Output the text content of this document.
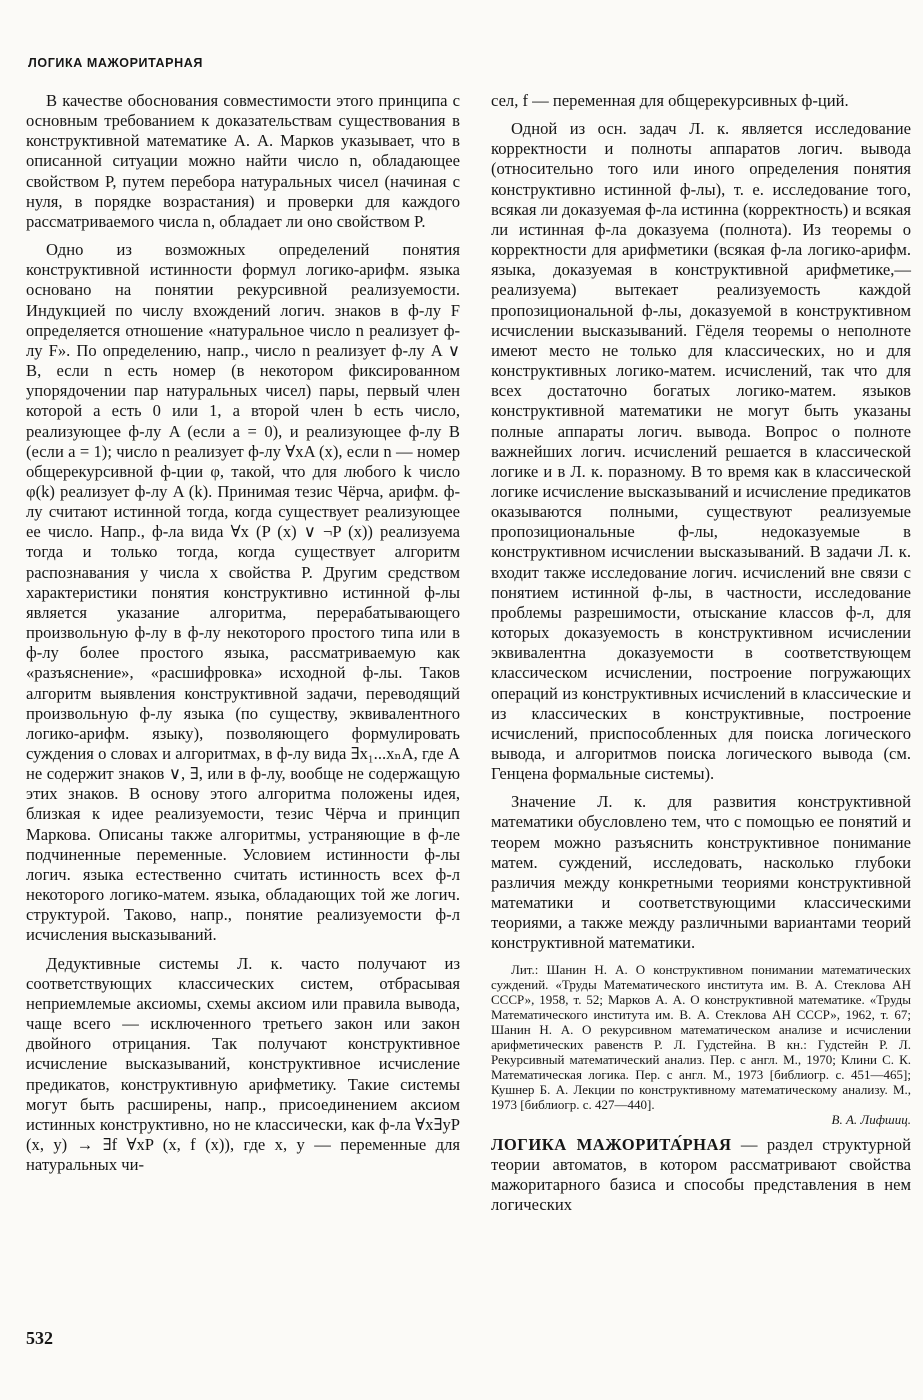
ЛОГИКА МАЖОРИТАРНАЯ

В качестве обоснования совместимости этого принципа с основным требованием к доказательствам существования в конструктивной математике А. А. Марков указывает, что в описанной ситуации можно найти число n, обладающее свойством P, путем перебора натуральных чисел (начиная с нуля, в порядке возрастания) и проверки для каждого рассматриваемого числа n, обладает ли оно свойством P.

Одно из возможных определений понятия конструктивной истинности формул логико-арифм. языка основано на понятии рекурсивной реализуемости. Индукцией по числу вхождений логич. знаков в ф-лу F определяется отношение «натуральное число n реализует ф-лу F». По определению, напр., число n реализует ф-лу A ∨ B, если n есть номер (в некотором фиксированном упорядочении пар натуральных чисел) пары, первый член которой a есть 0 или 1, а второй член b есть число, реализующее ф-лу A (если a = 0), и реализующее ф-лу B (если a = 1); число n реализует ф-лу ∀xA (x), если n — номер общерекурсивной ф-ции φ, такой, что для любого k число φ(k) реализует ф-лу A (k). Принимая тезис Чёрча, арифм. ф-лу считают истинной тогда, когда существует реализующее ее число. Напр., ф-ла вида ∀x (P (x) ∨ ¬P (x)) реализуема тогда и только тогда, когда существует алгоритм распознавания у числа x свойства P. Другим средством характеристики понятия конструктивно истинной ф-лы является указание алгоритма, перерабатывающего произвольную ф-лу в ф-лу некоторого простого типа или в ф-лу более простого языка, рассматриваемую как «разъяснение», «расшифровка» исходной ф-лы. Таков алгоритм выявления конструктивной задачи, переводящий произвольную ф-лу языка (по существу, эквивалентного логико-арифм. языку), позволяющего формулировать суждения о словах и алгоритмах, в ф-лу вида ∃x₁...xₙA, где A не содержит знаков ∨, ∃, или в ф-лу, вообще не содержащую этих знаков. В основу этого алгоритма положены идея, близкая к идее реализуемости, тезис Чёрча и принцип Маркова. Описаны также алгоритмы, устраняющие в ф-ле подчиненные переменные. Условием истинности ф-лы логич. языка естественно считать истинность всех ф-л некоторого логико-матем. языка, обладающих той же логич. структурой. Таково, напр., понятие реализуемости ф-л исчисления высказываний.

Дедуктивные системы Л. к. часто получают из соответствующих классических систем, отбрасывая неприемлемые аксиомы, схемы аксиом или правила вывода, чаще всего — исключенного третьего закон или закон двойного отрицания. Так получают конструктивное исчисление высказываний, конструктивное исчисление предикатов, конструктивную арифметику. Такие системы могут быть расширены, напр., присоединением аксиом истинных конструктивно, но не классически, как ф-ла ∀x∃yP (x, y) → ∃f ∀xP (x, f (x)), где x, y — переменные для натуральных чи-

сел, f — переменная для общерекурсивных ф-ций.

Одной из осн. задач Л. к. является исследование корректности и полноты аппаратов логич. вывода (относительно того или иного определения понятия конструктивно истинной ф-лы), т. е. исследование того, всякая ли доказуемая ф-ла истинна (корректность) и всякая ли истинная ф-ла доказуема (полнота). Из теоремы о корректности для арифметики (всякая ф-ла логико-арифм. языка, доказуемая в конструктивной арифметике,— реализуема) вытекает реализуемость каждой пропозициональной ф-лы, доказуемой в конструктивном исчислении высказываний. Гёделя теоремы о неполноте имеют место не только для классических, но и для конструктивных логико-матем. исчислений, так что для всех достаточно богатых логико-матем. языков конструктивной математики не могут быть указаны полные аппараты логич. вывода. Вопрос о полноте важнейших логич. исчислений решается в классической логике и в Л. к. поразному. В то время как в классической логике исчисление высказываний и исчисление предикатов оказываются полными, существуют реализуемые пропозициональные ф-лы, недоказуемые в конструктивном исчислении высказываний. В задачи Л. к. входит также исследование логич. исчислений вне связи с понятием истинной ф-лы, в частности, исследование проблемы разрешимости, отыскание классов ф-л, для которых доказуемость в конструктивном исчислении эквивалентна доказуемости в соответствующем классическом исчислении, построение погружающих операций из конструктивных исчислений в классические и из классических в конструктивные, построение исчислений, приспособленных для поиска логического вывода, и алгоритмов поиска логического вывода (см. Генцена формальные системы).

Значение Л. к. для развития конструктивной математики обусловлено тем, что с помощью ее понятий и теорем можно разъяснить конструктивное понимание матем. суждений, исследовать, насколько глубоки различия между конкретными теориями конструктивной математики и соответствующими классическими теориями, а также между различными вариантами теорий конструктивной математики.

Лит.: Шанин Н. А. О конструктивном понимании математических суждений. «Труды Математического института им. В. А. Стеклова АН СССР», 1958, т. 52; Марков А. А. О конструктивной математике. «Труды Математического института им. В. А. Стеклова АН СССР», 1962, т. 67; Шанин Н. А. О рекурсивном математическом анализе и исчислении арифметических равенств Р. Л. Гудстейна. В кн.: Гудстейн Р. Л. Рекурсивный математический анализ. Пер. с англ. М., 1970; Клини С. К. Математическая логика. Пер. с англ. М., 1973 [библиогр. с. 451—465]; Кушнер Б. А. Лекции по конструктивному математическому анализу. М., 1973 [библиогр. с. 427—440].
В. А. Лифшиц.

ЛОГИКА МАЖОРИТА́РНАЯ — раздел структурной теории автоматов, в котором рассматривают свойства мажоритарного базиса и способы представления в нем логических

532
